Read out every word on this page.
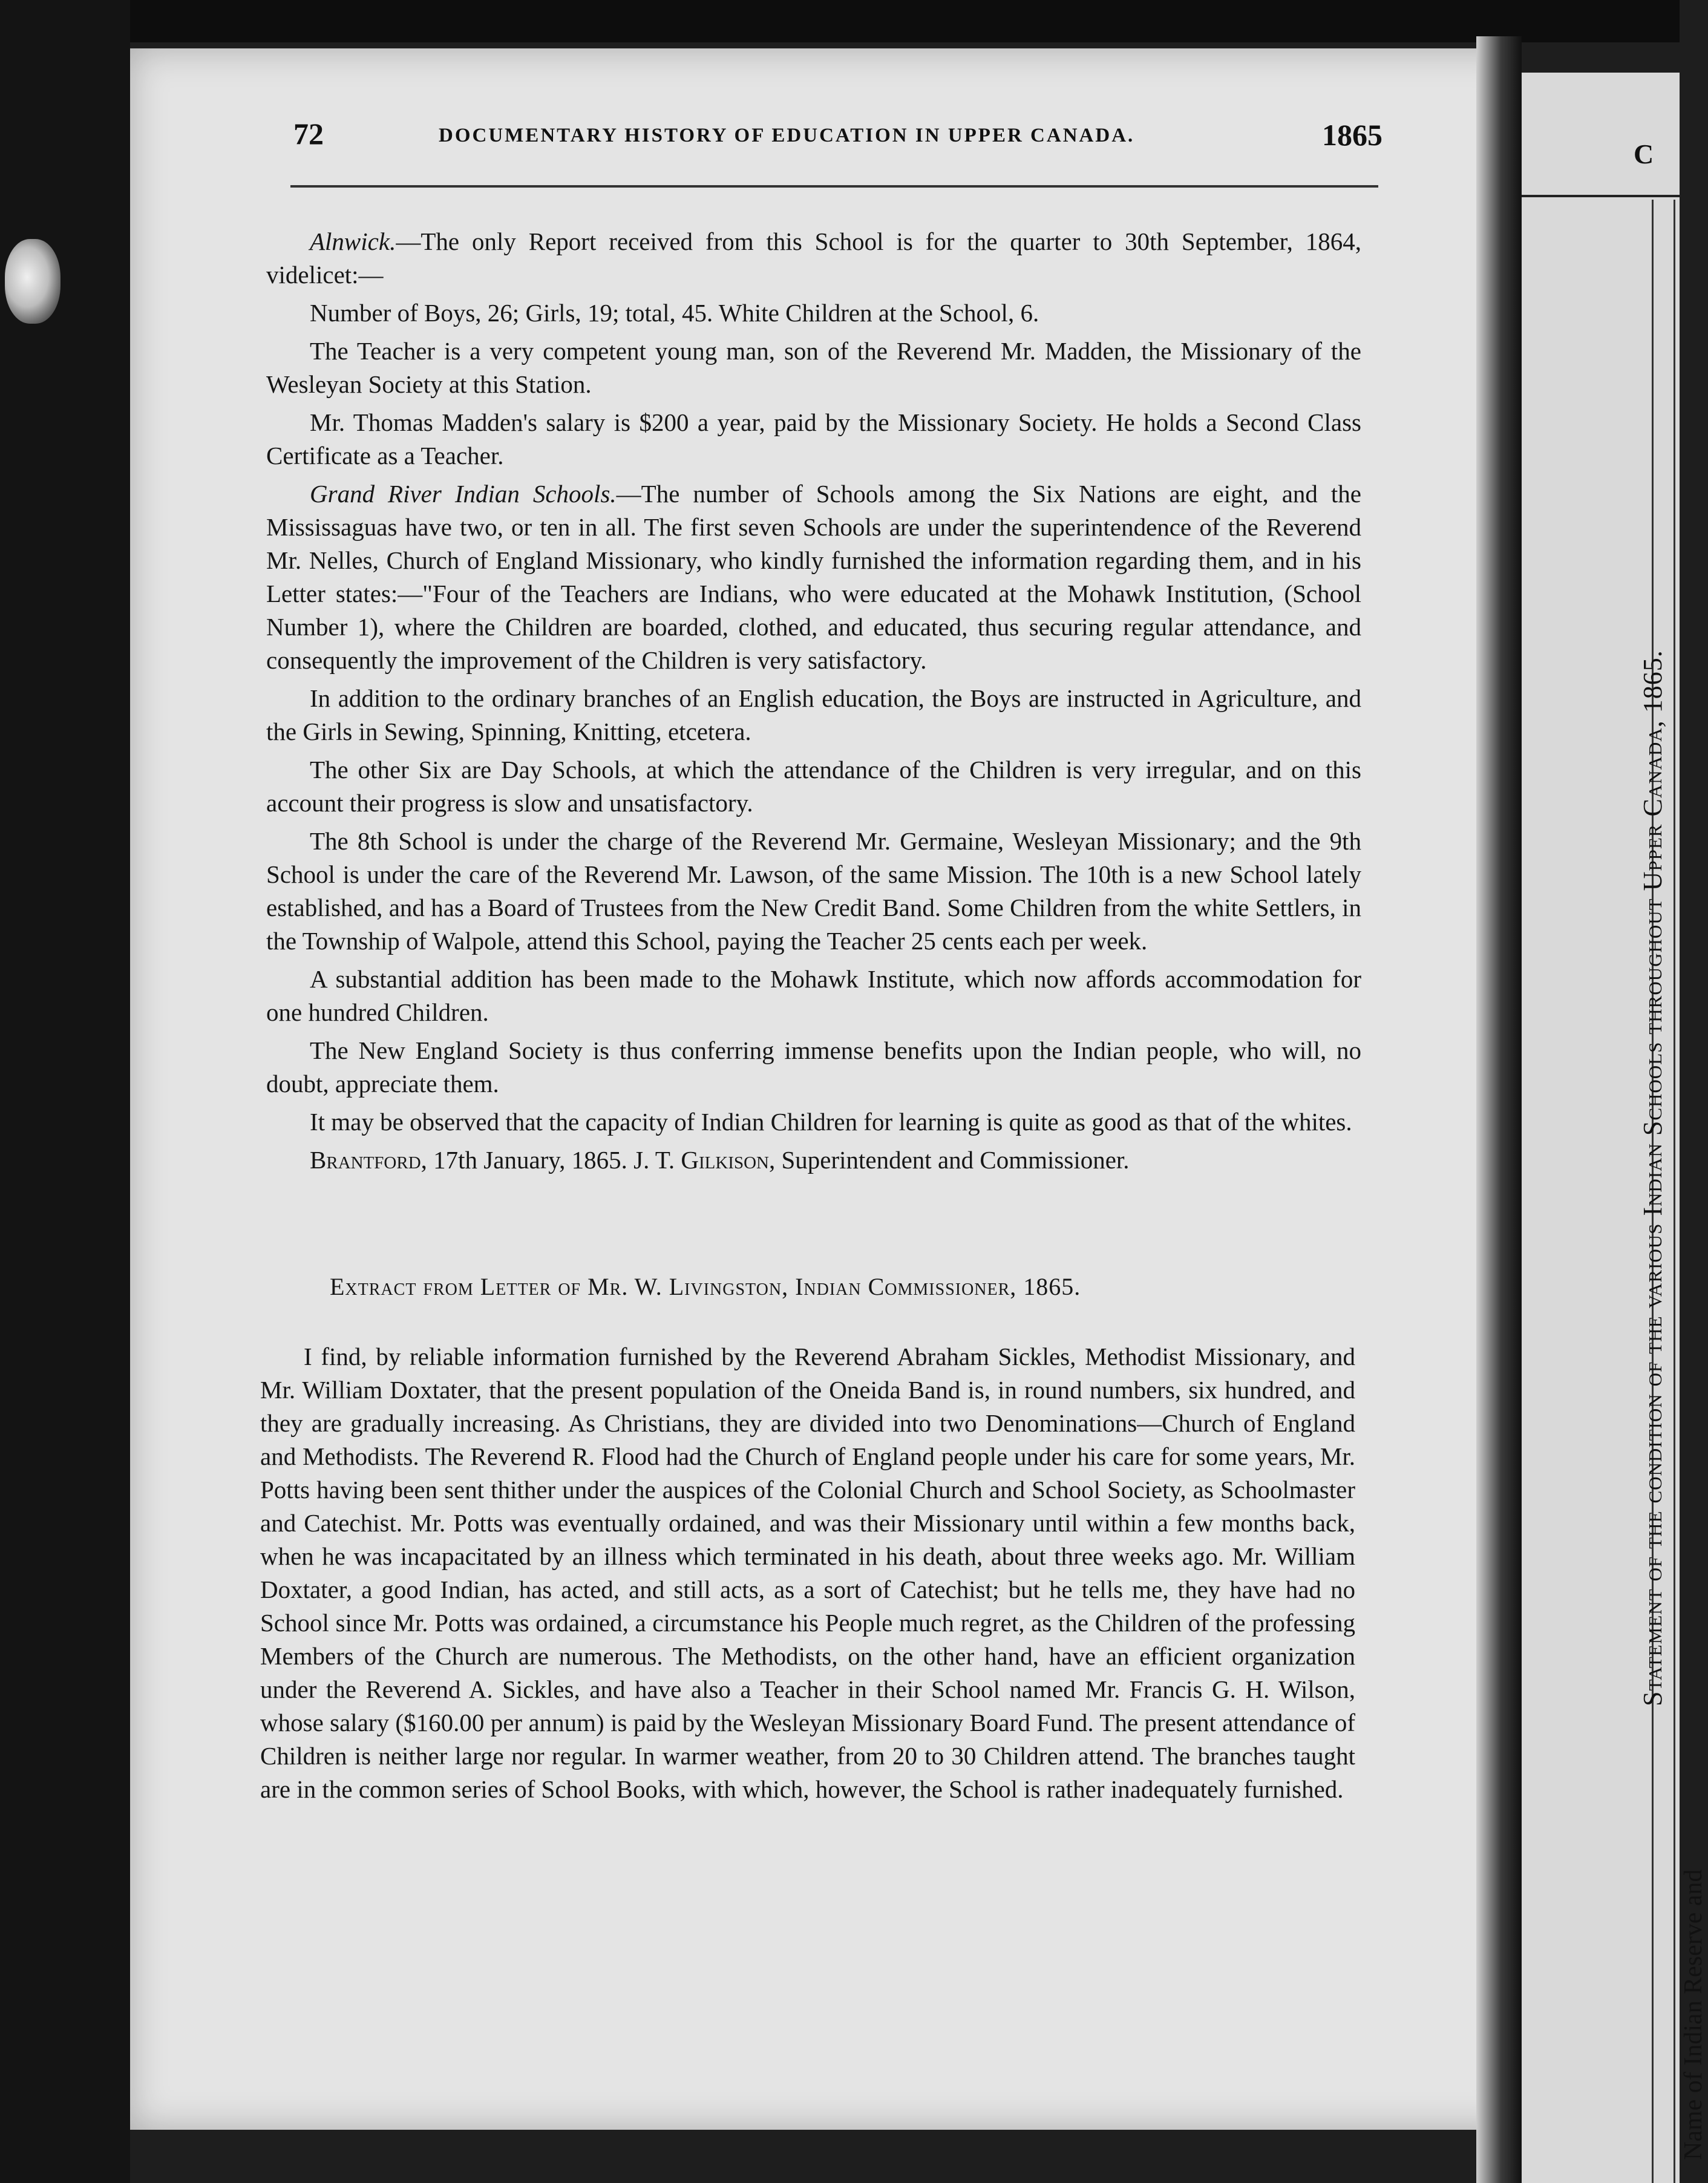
C
Statement of the condition of the various Indian Schools throughout Upper Canada, 1865.
Name of Indian Reserve and
72	DOCUMENTARY HISTORY OF EDUCATION IN UPPER CANADA.	1865

Alnwick.—The only Report received from this School is for the quarter to 30th September, 1864, videlicet:—

Number of Boys, 26; Girls, 19; total, 45. White Children at the School, 6.

The Teacher is a very competent young man, son of the Reverend Mr. Madden, the Missionary of the Wesleyan Society at this Station.

Mr. Thomas Madden's salary is $200 a year, paid by the Missionary Society. He holds a Second Class Certificate as a Teacher.

Grand River Indian Schools.—The number of Schools among the Six Nations are eight, and the Mississaguas have two, or ten in all. The first seven Schools are under the superintendence of the Reverend Mr. Nelles, Church of England Missionary, who kindly furnished the information regarding them, and in his Letter states:—"Four of the Teachers are Indians, who were educated at the Mohawk Institution, (School Number 1), where the Children are boarded, clothed, and educated, thus securing regular attendance, and consequently the improvement of the Children is very satisfactory.

In addition to the ordinary branches of an English education, the Boys are instructed in Agriculture, and the Girls in Sewing, Spinning, Knitting, etcetera.

The other Six are Day Schools, at which the attendance of the Children is very irregular, and on this account their progress is slow and unsatisfactory.

The 8th School is under the charge of the Reverend Mr. Germaine, Wesleyan Missionary; and the 9th School is under the care of the Reverend Mr. Lawson, of the same Mission. The 10th is a new School lately established, and has a Board of Trustees from the New Credit Band. Some Children from the white Settlers, in the Township of Walpole, attend this School, paying the Teacher 25 cents each per week.

A substantial addition has been made to the Mohawk Institute, which now affords accommodation for one hundred Children.

The New England Society is thus conferring immense benefits upon the Indian people, who will, no doubt, appreciate them.

It may be observed that the capacity of Indian Children for learning is quite as good as that of the whites.

Brantford, 17th January, 1865. J. T. Gilkison, Superintendent and Commissioner.

Extract from Letter of Mr. W. Livingston, Indian Commissioner, 1865.

I find, by reliable information furnished by the Reverend Abraham Sickles, Methodist Missionary, and Mr. William Doxtater, that the present population of the Oneida Band is, in round numbers, six hundred, and they are gradually increasing. As Christians, they are divided into two Denominations—Church of England and Methodists. The Reverend R. Flood had the Church of England people under his care for some years, Mr. Potts having been sent thither under the auspices of the Colonial Church and School Society, as Schoolmaster and Catechist. Mr. Potts was eventually ordained, and was their Missionary until within a few months back, when he was incapacitated by an illness which terminated in his death, about three weeks ago. Mr. William Doxtater, a good Indian, has acted, and still acts, as a sort of Catechist; but he tells me, they have had no School since Mr. Potts was ordained, a circumstance his People much regret, as the Children of the professing Members of the Church are numerous. The Methodists, on the other hand, have an efficient organization under the Reverend A. Sickles, and have also a Teacher in their School named Mr. Francis G. H. Wilson, whose salary ($160.00 per annum) is paid by the Wesleyan Missionary Board Fund. The present attendance of Children is neither large nor regular. In warmer weather, from 20 to 30 Children attend. The branches taught are in the common series of School Books, with which, however, the School is rather inadequately furnished.
